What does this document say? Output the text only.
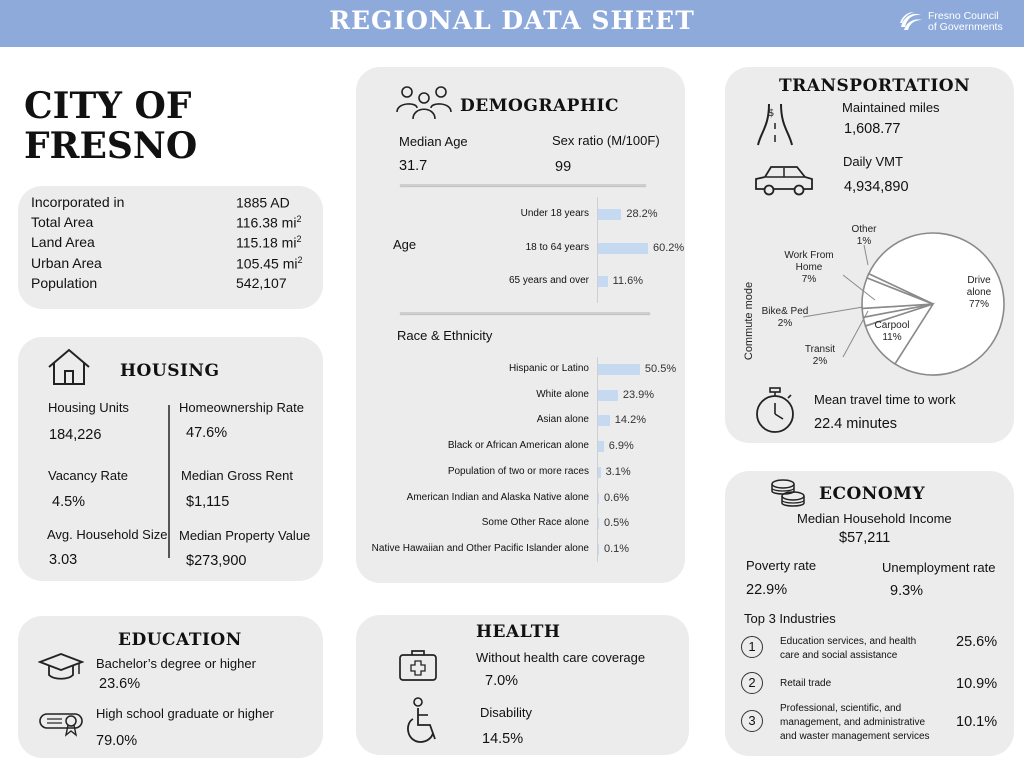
REGIONAL DATA SHEET	Fresno Council
of Governments
CITY OF
FRESNO
Incorporated in	1885 AD
Total Area	116.38 $mi^2$
Land Area	115.18 $mi^2$
Urban Area	105.45 $mi^2$
Population	542,107
HOUSING
Housing Units
184,226
Vacancy Rate
4.5%
Avg. Household Size
3.03
Homeownership Rate
47.6%
Median Gross Rent
$1,115
Median Property Value
$273,900
EDUCATION
Bachelor’s degree or higher
23.6%
High school graduate or higher
79.0%
DEMOGRAPHIC
Median Age
31.7
Sex ratio (M/100F)
99
Age
Under 18 years	28.2%
18 to 64 years	60.2%
65 years and over 11.6%
Race & Ethnicity
Hispanic or Latino	50.5%
White alone	23.9%
Asian alone 14.2%
Black or African American alone 6.9%
Population of two or more races 3.1%
American Indian and Alaska Native alone 0.6%
Some Other Race alone 0.5%
Native Hawaiian and Other Pacific Islander alone 0.1%
HEALTH
Without health care coverage
7.0%
Disability
14.5%
TRANSPORTATION
$	Maintained miles
1,608.77
Daily VMT
4,934,890
Drive
alone
77%
Carpool
11%
Transit
2%
Bike& Ped
2%
Work From
Home
7%
Other
1%
Commute mode
Mean travel time to work
22.4 minutes
ECONOMY
Median Household Income
$57,211
Poverty rate
22.9%
Unemployment rate
9.3%
Top 3 Industries
1	Education services, and health
care and social assistance
25.6%
2	Retail trade	10.9%
3
Professional, scientific, and
management, and administrative
and waster management services
10.1%
